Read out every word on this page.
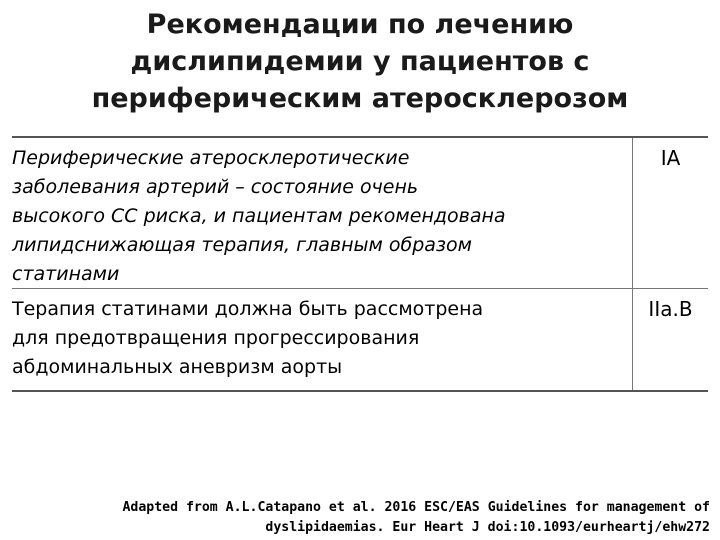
Рекомендации по лечению
дислипидемии у пациентов с
периферическим атеросклерозом
Периферические атеросклеротические
заболевания артерий – состояние очень
высокого СС риска, и пациентам рекомендована
липидснижающая терапия, главным образом
статинами
IA
Терапия статинами должна быть рассмотрена
для предотвращения прогрессирования
абдоминальных аневризм аорты
IIa.B
Adapted from A.L.Catapano et al. 2016 ESC/EAS Guidelines for management of
dyslipidaemias. Eur Heart J doi:10.1093/eurheartj/ehw272
